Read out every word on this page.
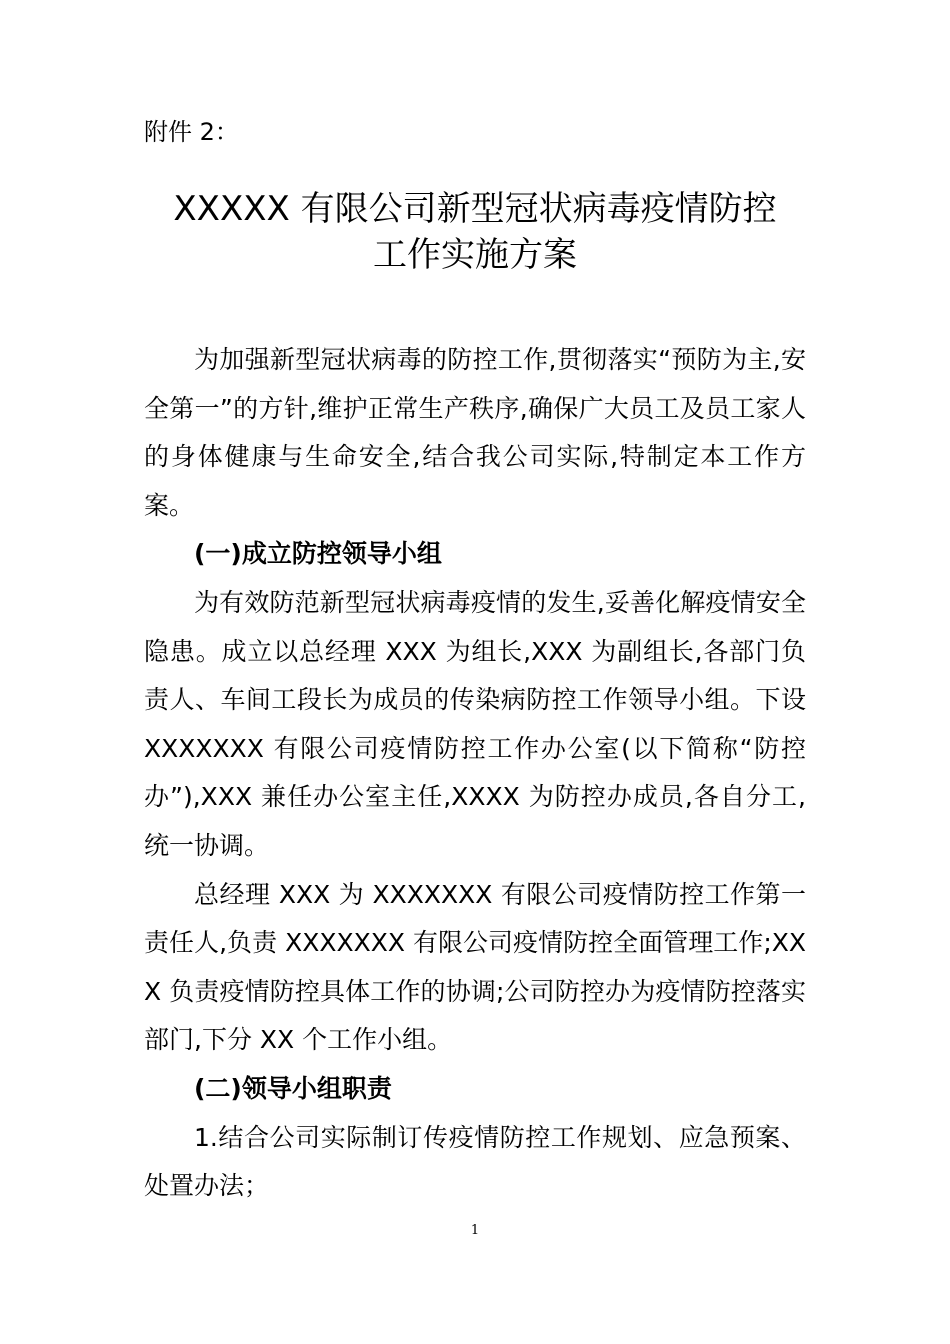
附件 2：
XXXXX 有限公司新型冠状病毒疫情防控
工作实施方案

为加强新型冠状病毒的防控工作,贯彻落实“预防为主,安全第一”的方针,维护正常生产秩序,确保广大员工及员工家人的身体健康与生命安全,结合我公司实际,特制定本工作方案。

(一)成立防控领导小组

为有效防范新型冠状病毒疫情的发生,妥善化解疫情安全隐患。成立以总经理 XXX 为组长,XXX 为副组长,各部门负责人、车间工段长为成员的传染病防控工作领导小组。下设 XXXXXXX 有限公司疫情防控工作办公室(以下简称“防控办”),XXX 兼任办公室主任,XXXX 为防控办成员,各自分工,统一协调。

总经理 XXX 为 XXXXXXX 有限公司疫情防控工作第一责任人,负责 XXXXXXX 有限公司疫情防控全面管理工作;XXX 负责疫情防控具体工作的协调;公司防控办为疫情防控落实部门,下分 XX 个工作小组。

(二)领导小组职责

1.结合公司实际制订传疫情防控工作规划、应急预案、处置办法；

1
